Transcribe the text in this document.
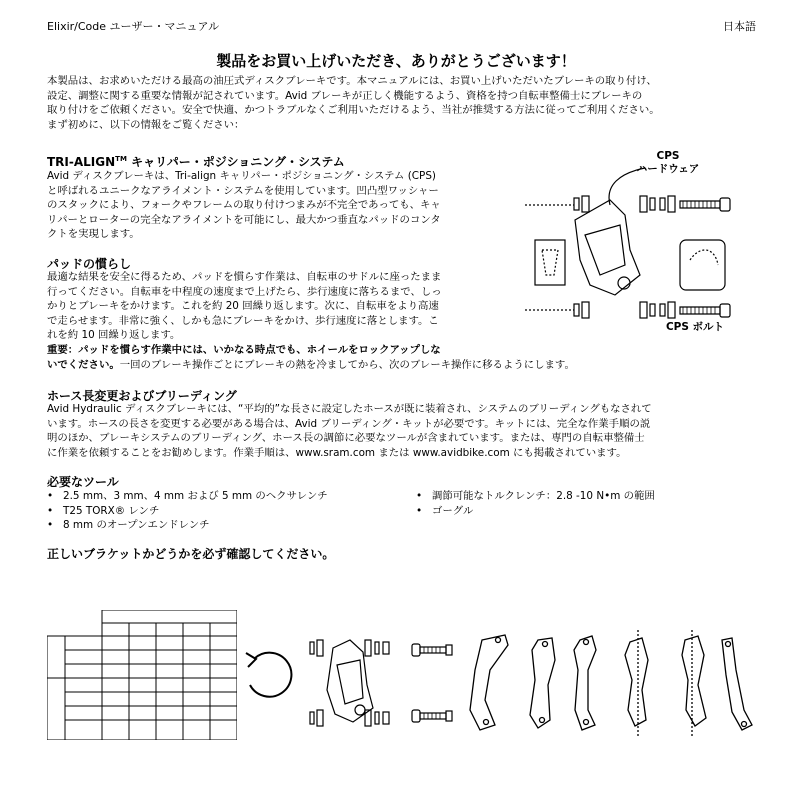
Elixir/Code ユーザー・マニュアル	日本語
製品をお買い上げいただき、ありがとうございます！
本製品は、お求めいただける最高の油圧式ディスクブレーキです。本マニュアルには、お買い上げいただいたブレーキの取り付け、
設定、調整に関する重要な情報が記されています。Avid ブレーキが正しく機能するよう、資格を持つ自転車整備士にブレーキの
取り付けをご依頼ください。安全で快適、かつトラブルなくご利用いただけるよう、当社が推奨する方法に従ってご利用ください。
まず初めに、以下の情報をご覧ください：
TRI-ALIGN™ キャリパー・ポジショニング・システム
Avid ディスクブレーキは、Tri-align キャリパー・ポジショニング・システム (CPS)
と呼ばれるユニークなアライメント・システムを使用しています。凹凸型ワッシャー
のスタックにより、フォークやフレームの取り付けつまみが不完全であっても、キャ
リパーとローターの完全なアライメントを可能にし、最大かつ垂直なパッドのコンタ
クトを実現します。
パッドの慣らし
最適な結果を安全に得るため、パッドを慣らす作業は、自転車のサドルに座ったまま
行ってください。自転車を中程度の速度まで上げたら、歩行速度に落ちるまで、しっ
かりとブレーキをかけます。これを約 20 回繰り返します。次に、自転車をより高速
で走らせます。非常に強く、しかも急にブレーキをかけ、歩行速度に落とします。こ
れを約 10 回繰り返します。
重要：パッドを慣らす作業中には、いかなる時点でも、ホイールをロックアップしな
いでください。一回のブレーキ操作ごとにブレーキの熱を冷ましてから、次のブレーキ操作に移るようにします。
ホース長変更およびブリーディング
Avid Hydraulic ディスクブレーキには、“平均的”な長さに設定したホースが既に装着され、システムのブリーディングもなされて
います。ホースの長さを変更する必要がある場合は、Avid ブリーディング・キットが必要です。キットには、完全な作業手順の説
明のほか、ブレーキシステムのブリーディング、ホース長の調節に必要なツールが含まれています。または、専門の自転車整備士
に作業を依頼することをお勧めします。作業手順は、www.sram.com または www.avidbike.com にも掲載されています。
必要なツール
• 2.5 mm、3 mm、4 mm および 5 mm のヘクサレンチ
• T25 TORX® レンチ
• 8 mm のオープンエンドレンチ
• 調節可能なトルクレンチ：2.8 -10 N•m の範囲
• ゴーグル
正しいブラケットかどうかを必ず確認してください。
CPS
ハードウェア
CPS ボルト
